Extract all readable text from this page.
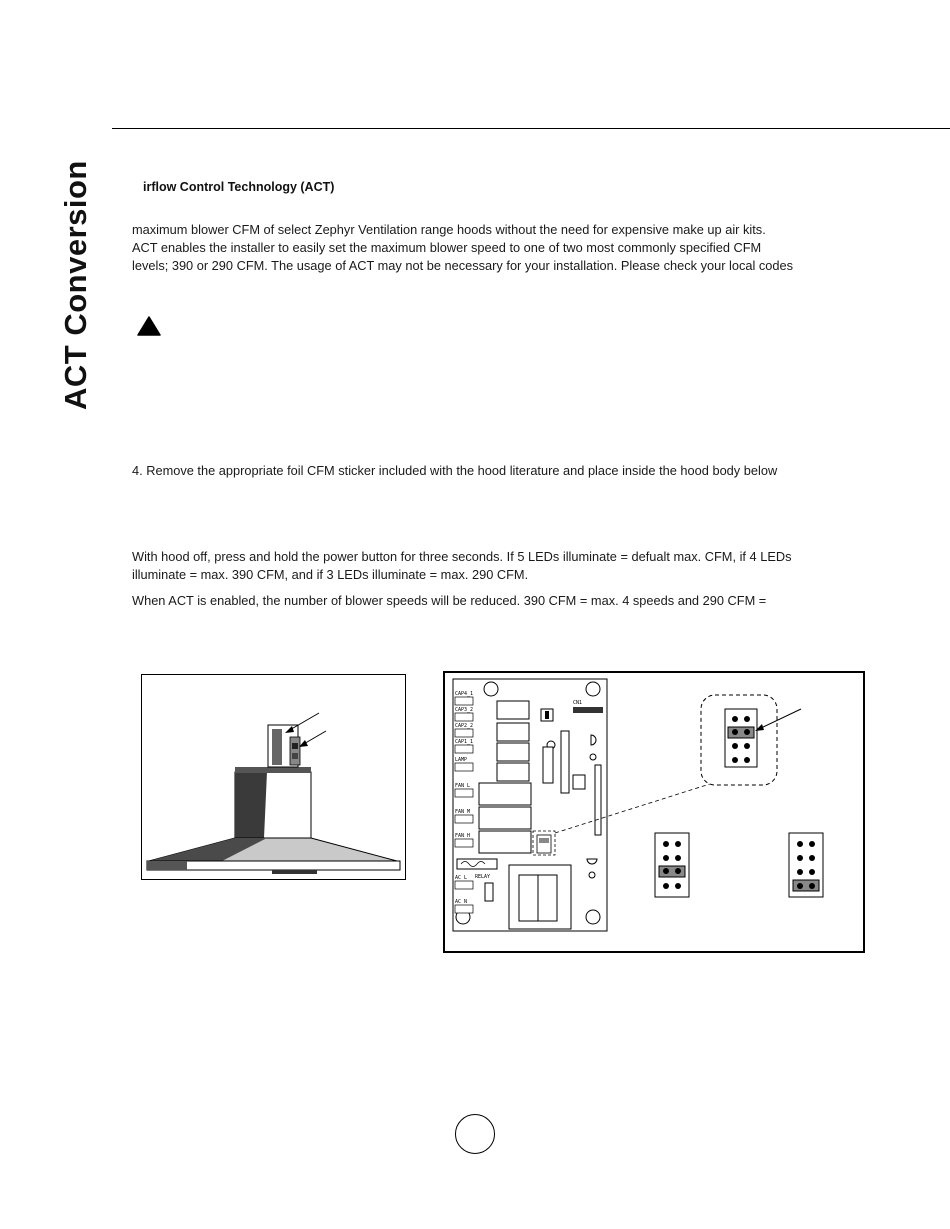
ACT Conversion	irflow Control Technology (ACT)
maximum blower CFM of select Zephyr Ventilation range hoods without the need for expensive make up air kits.
ACT enables the installer to easily set the maximum blower speed to one of two most commonly specified CFM
levels; 390 or 290 CFM. The usage of ACT may not be necessary for your installation. Please check your local codes
4. Remove the appropriate foil CFM sticker included with the hood literature and place inside the hood body below
With hood off, press and hold the power button for three seconds. If 5 LEDs illuminate = defualt max. CFM, if 4 LEDs
illuminate = max. 390 CFM, and if 3 LEDs illuminate = max. 290 CFM.
When ACT is enabled, the number of blower speeds will be reduced. 390 CFM = max. 4 speeds and 290 CFM =
CAP4_1
CAP3_2
CAP2_2
CAP1_1
LAMP
FAN L
FAN M
FAN H
AC L
AC N
CN1
RELAY
